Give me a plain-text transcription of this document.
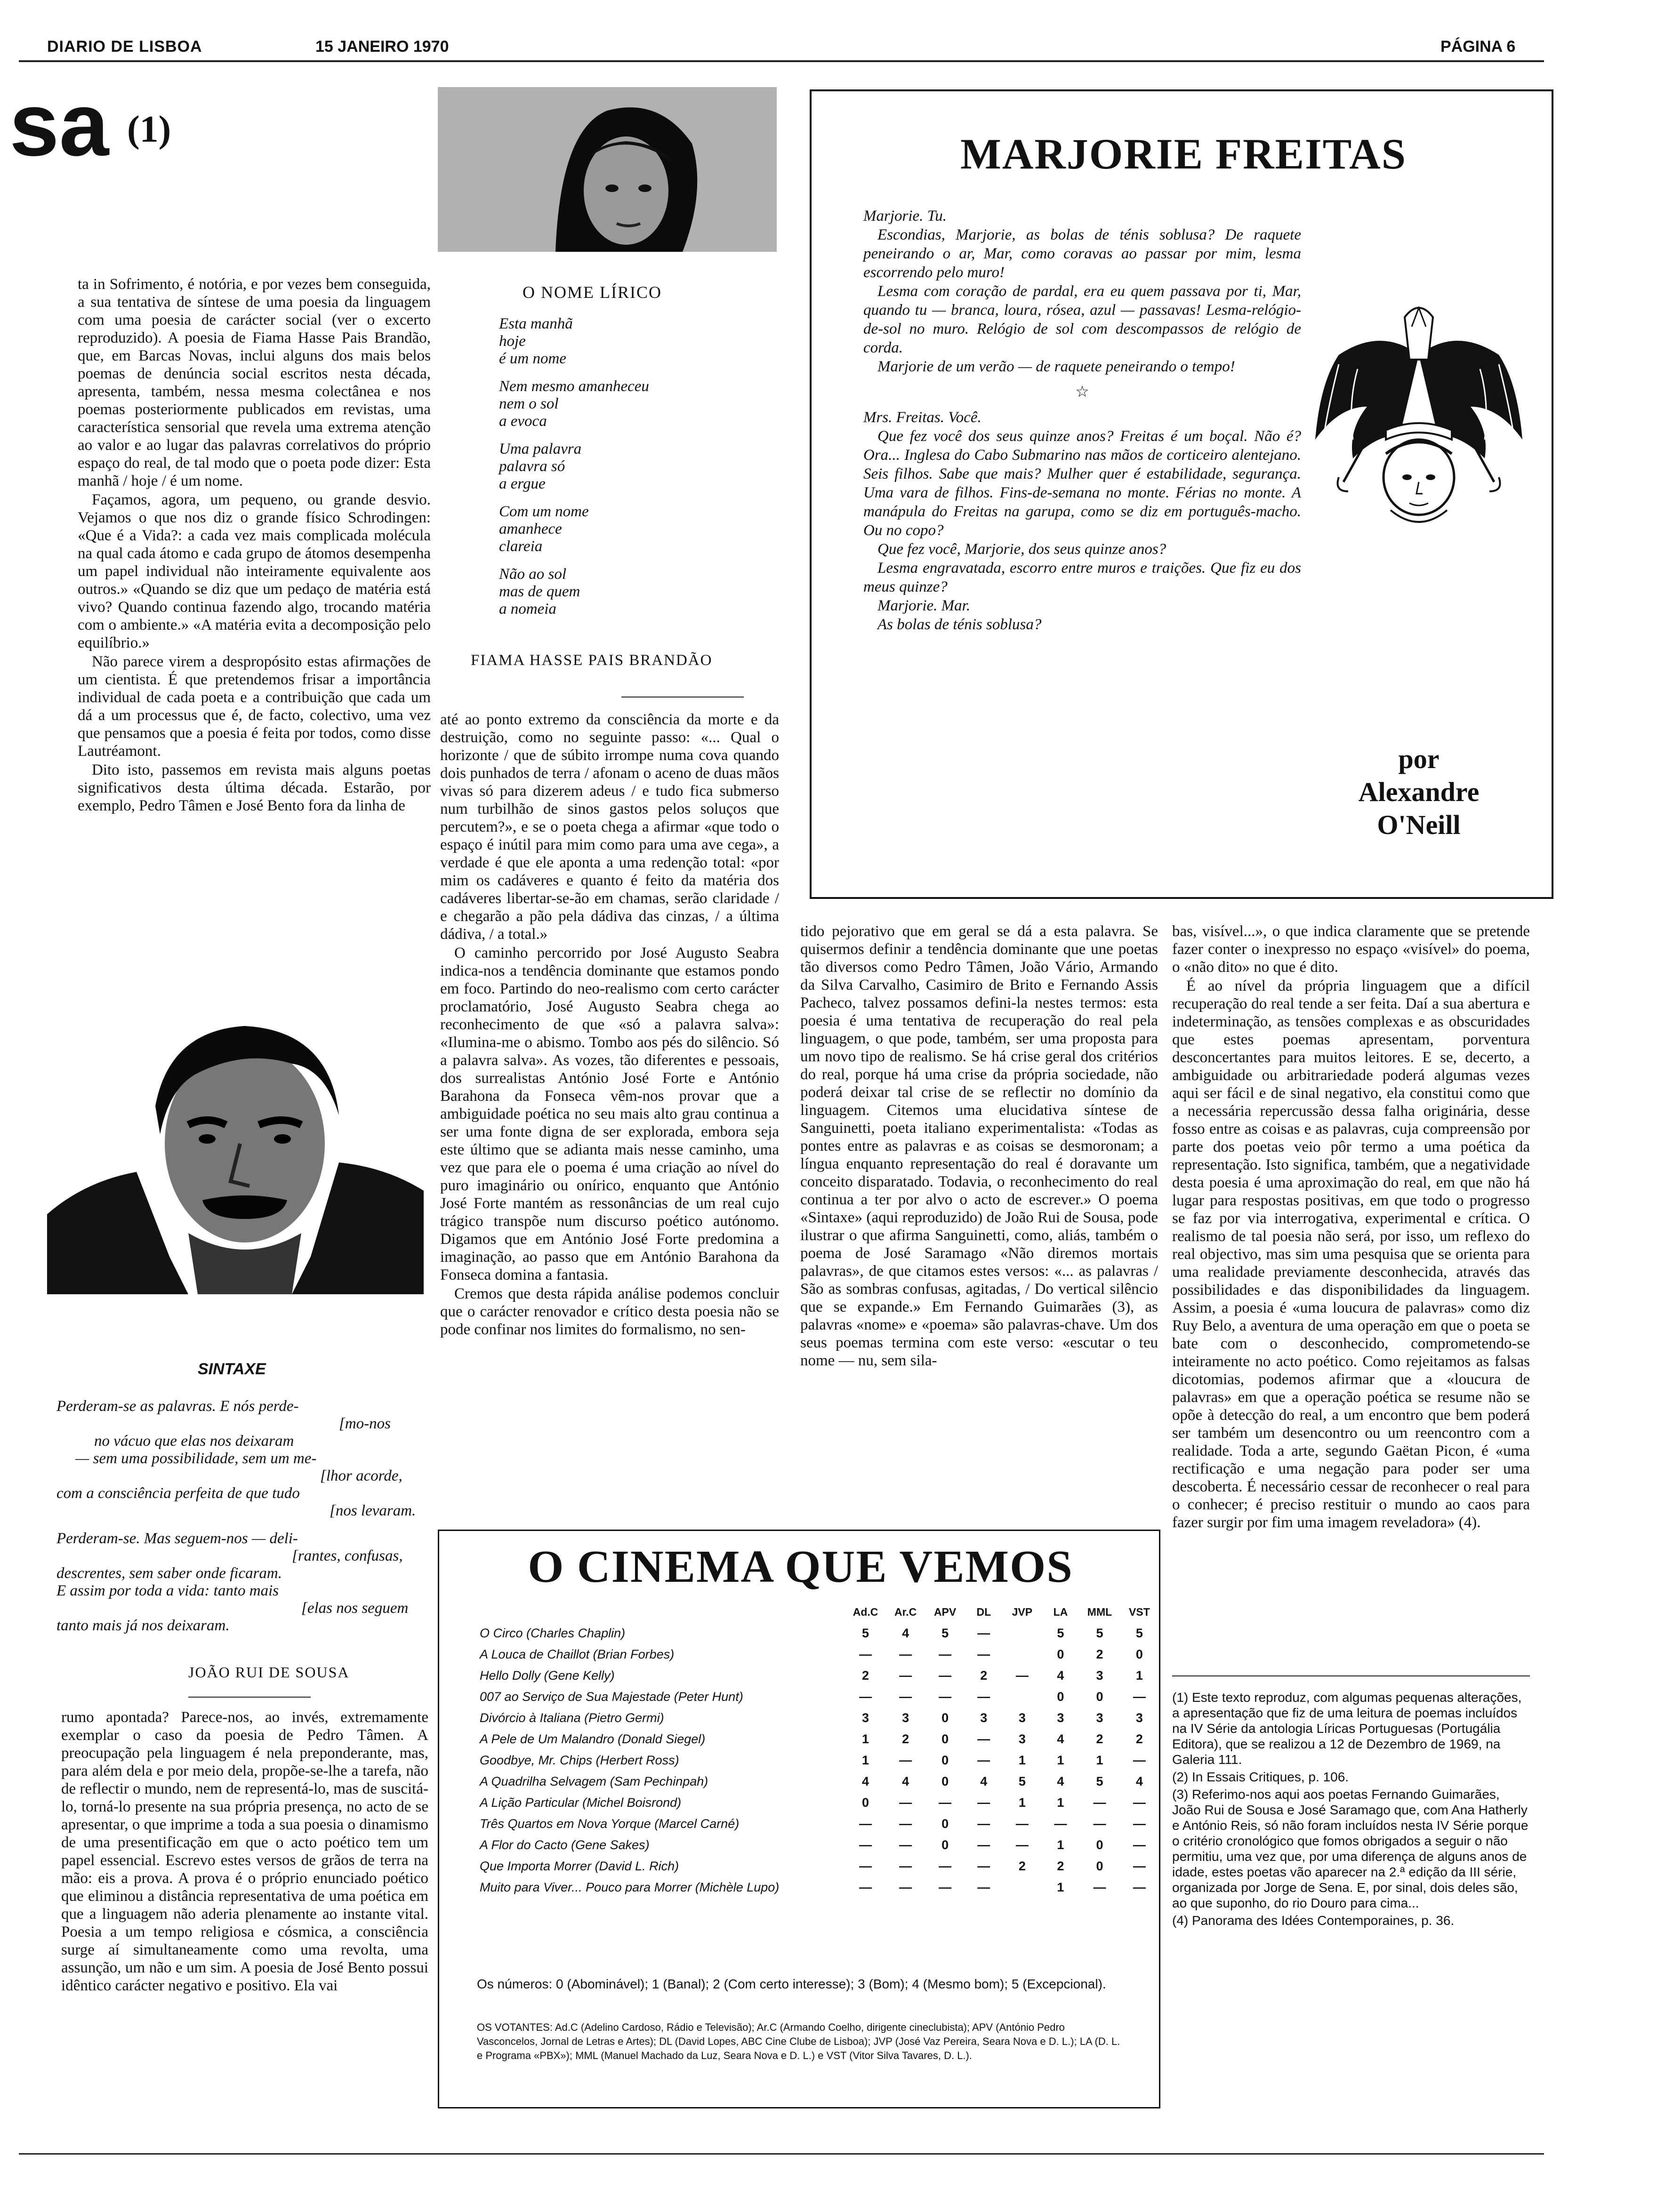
DIARIO DE LISBOA	15 JANEIRO 1970	PÁGINA 6
sa (1)

ta in Sofrimento, é notória, e por vezes bem conseguida, a sua tentativa de síntese de uma poesia da linguagem com uma poesia de carácter social (ver o excerto reproduzido). A poesia de Fiama Hasse Pais Brandão, que, em Barcas Novas, inclui alguns dos mais belos poemas de denúncia social escritos nesta década, apresenta, também, nessa mesma colectânea e nos poemas posteriormente publicados em revistas, uma característica sensorial que revela uma extrema atenção ao valor e ao lugar das palavras correlativos do próprio espaço do real, de tal modo que o poeta pode dizer: Esta manhã / hoje / é um nome.

Façamos, agora, um pequeno, ou grande desvio. Vejamos o que nos diz o grande físico Schrodingen: «Que é a Vida?: a cada vez mais complicada molécula na qual cada átomo e cada grupo de átomos desempenha um papel individual não inteiramente equivalente aos outros.» «Quando se diz que um pedaço de matéria está vivo? Quando continua fazendo algo, trocando matéria com o ambiente.» «A matéria evita a decomposição pelo equilíbrio.»

Não parece virem a despropósito estas afirmações de um cientista. É que pretendemos frisar a importância individual de cada poeta e a contribuição que cada um dá a um processus que é, de facto, colectivo, uma vez que pensamos que a poesia é feita por todos, como disse Lautréamont.

Dito isto, passemos em revista mais alguns poetas significativos desta última década. Estarão, por exemplo, Pedro Tâmen e José Bento fora da linha de

SINTAXE
Perderam-se as palavras. E nós perde-
[mo-nos
no vácuo que elas nos deixaram
— sem uma possibilidade, sem um me-
[lhor acorde,
com a consciência perfeita de que tudo
[nos levaram.
Perderam-se. Mas seguem-nos — deli-
[rantes, confusas,
descrentes, sem saber onde ficaram.
E assim por toda a vida: tanto mais
[elas nos seguem
tanto mais já nos deixaram.
JOÃO RUI DE SOUSA

rumo apontada? Parece-nos, ao invés, extremamente exemplar o caso da poesia de Pedro Tâmen. A preocupação pela linguagem é nela preponderante, mas, para além dela e por meio dela, propõe-se-lhe a tarefa, não de reflectir o mundo, nem de representá-lo, mas de suscitá-lo, torná-lo presente na sua própria presença, no acto de se apresentar, o que imprime a toda a sua poesia o dinamismo de uma presentificação em que o acto poético tem um papel essencial. Escrevo estes versos de grãos de terra na mão: eis a prova. A prova é o próprio enunciado poético que eliminou a distância representativa de uma poética em que a linguagem não aderia plenamente ao instante vital. Poesia a um tempo religiosa e cósmica, a consciência surge aí simultaneamente como uma revolta, uma assunção, um não e um sim. A poesia de José Bento possui idêntico carácter negativo e positivo. Ela vai

O NOME LÍRICO
Esta manhã
hoje
é um nome
Nem mesmo amanheceu
nem o sol
a evoca
Uma palavra
palavra só
a ergue
Com um nome
amanhece
clareia
Não ao sol
mas de quem
a nomeia
FIAMA HASSE PAIS BRANDÃO

até ao ponto extremo da consciência da morte e da destruição, como no seguinte passo: «... Qual o horizonte / que de súbito irrompe numa cova quando dois punhados de terra / afonam o aceno de duas mãos vivas só para dizerem adeus / e tudo fica submerso num turbilhão de sinos gastos pelos soluços que percutem?», e se o poeta chega a afirmar «que todo o espaço é inútil para mim como para uma ave cega», a verdade é que ele aponta a uma redenção total: «por mim os cadáveres e quanto é feito da matéria dos cadáveres libertar-se-ão em chamas, serão claridade / e chegarão a pão pela dádiva das cinzas, / a última dádiva, / a total.»

O caminho percorrido por José Augusto Seabra indica-nos a tendência dominante que estamos pondo em foco. Partindo do neo-realismo com certo carácter proclamatório, José Augusto Seabra chega ao reconhecimento de que «só a palavra salva»: «Ilumina-me o abismo. Tombo aos pés do silêncio. Só a palavra salva». As vozes, tão diferentes e pessoais, dos surrealistas António José Forte e António Barahona da Fonseca vêm-nos provar que a ambiguidade poética no seu mais alto grau continua a ser uma fonte digna de ser explorada, embora seja este último que se adianta mais nesse caminho, uma vez que para ele o poema é uma criação ao nível do puro imaginário ou onírico, enquanto que António José Forte mantém as ressonâncias de um real cujo trágico transpõe num discurso poético autónomo. Digamos que em António José Forte predomina a imaginação, ao passo que em António Barahona da Fonseca domina a fantasia.

Cremos que desta rápida análise podemos concluir que o carácter renovador e crítico desta poesia não se pode confinar nos limites do formalismo, no sen-

MARJORIE FREITAS
Marjorie. Tu.
Escondias, Marjorie, as bolas de ténis soblusa? De raquete peneirando o ar, Mar, como coravas ao passar por mim, lesma escorrendo pelo muro!
Lesma com coração de pardal, era eu quem passava por ti, Mar, quando tu — branca, loura, rósea, azul — passavas! Lesma-relógio-de-sol no muro. Relógio de sol com descompassos de relógio de corda.
Marjorie de um verão — de raquete peneirando o tempo!
☆
Mrs. Freitas. Você.
Que fez você dos seus quinze anos? Freitas é um boçal. Não é? Ora... Inglesa do Cabo Submarino nas mãos de corticeiro alentejano. Seis filhos. Sabe que mais? Mulher quer é estabilidade, segurança. Uma vara de filhos. Fins-de-semana no monte. Férias no monte. A manápula do Freitas na garupa, como se diz em português-macho. Ou no copo?
Que fez você, Marjorie, dos seus quinze anos?
Lesma engravatada, escorro entre muros e traições. Que fiz eu dos meus quinze?
Marjorie. Mar.
As bolas de ténis soblusa?
por
Alexandre
O'Neill

tido pejorativo que em geral se dá a esta palavra. Se quisermos definir a tendência dominante que une poetas tão diversos como Pedro Tâmen, João Vário, Armando da Silva Carvalho, Casimiro de Brito e Fernando Assis Pacheco, talvez possamos defini-la nestes termos: esta poesia é uma tentativa de recuperação do real pela linguagem, o que pode, também, ser uma proposta para um novo tipo de realismo. Se há crise geral dos critérios do real, porque há uma crise da própria sociedade, não poderá deixar tal crise de se reflectir no domínio da linguagem. Citemos uma elucidativa síntese de Sanguinetti, poeta italiano experimentalista: «Todas as pontes entre as palavras e as coisas se desmoronam; a língua enquanto representação do real é doravante um conceito disparatado. Todavia, o reconhecimento do real continua a ter por alvo o acto de escrever.» O poema «Sintaxe» (aqui reproduzido) de João Rui de Sousa, pode ilustrar o que afirma Sanguinetti, como, aliás, também o poema de José Saramago «Não diremos mortais palavras», de que citamos estes versos: «... as palavras / São as sombras confusas, agitadas, / Do vertical silêncio que se expande.» Em Fernando Guimarães (3), as palavras «nome» e «poema» são palavras-chave. Um dos seus poemas termina com este verso: «escutar o teu nome — nu, sem sila-

bas, visível...», o que indica claramente que se pretende fazer conter o inexpresso no espaço «visível» do poema, o «não dito» no que é dito.

É ao nível da própria linguagem que a difícil recuperação do real tende a ser feita. Daí a sua abertura e indeterminação, as tensões complexas e as obscuridades que estes poemas apresentam, porventura desconcertantes para muitos leitores. E se, decerto, a ambiguidade ou arbitrariedade poderá algumas vezes aqui ser fácil e de sinal negativo, ela constitui como que a necessária repercussão dessa falha originária, desse fosso entre as coisas e as palavras, cuja compreensão por parte dos poetas veio pôr termo a uma poética da representação. Isto significa, também, que a negatividade desta poesia é uma aproximação do real, em que não há lugar para respostas positivas, em que todo o progresso se faz por via interrogativa, experimental e crítica. O realismo de tal poesia não será, por isso, um reflexo do real objectivo, mas sim uma pesquisa que se orienta para uma realidade previamente desconhecida, através das possibilidades e das disponibilidades da linguagem. Assim, a poesia é «uma loucura de palavras» como diz Ruy Belo, a aventura de uma operação em que o poeta se bate com o desconhecido, comprometendo-se inteiramente no acto poético. Como rejeitamos as falsas dicotomias, podemos afirmar que a «loucura de palavras» em que a operação poética se resume não se opõe à detecção do real, a um encontro que bem poderá ser também um desencontro ou um reencontro com a realidade. Toda a arte, segundo Gaëtan Picon, é «uma rectificação e uma negação para poder ser uma descoberta. É necessário cessar de reconhecer o real para o conhecer; é preciso restituir o mundo ao caos para fazer surgir por fim uma imagem reveladora» (4).

(1) Este texto reproduz, com algumas pequenas alterações, a apresentação que fiz de uma leitura de poemas incluídos na IV Série da antologia Líricas Portuguesas (Portugália Editora), que se realizou a 12 de Dezembro de 1969, na Galeria 111.
(2) In Essais Critiques, p. 106.
(3) Referimo-nos aqui aos poetas Fernando Guimarães, João Rui de Sousa e José Saramago que, com Ana Hatherly e António Reis, só não foram incluídos nesta IV Série porque o critério cronológico que fomos obrigados a seguir o não permitiu, uma vez que, por uma diferença de alguns anos de idade, estes poetas vão aparecer na 2.ª edição da III série, organizada por Jorge de Sena. E, por sinal, dois deles são, ao que suponho, do rio Douro para cima...
(4) Panorama des Idées Contemporaines, p. 36.
O CINEMA QUE VEMOS
	Ad.C	Ar.C	APV	DL	JVP	LA	MML	VST
O Circo (Charles Chaplin)	5	4	5	—		5	5	5
A Louca de Chaillot (Brian Forbes)	—	—	—	—		0	2	0
Hello Dolly (Gene Kelly)	2	—	—	2	—	4	3	1
007 ao Serviço de Sua Majestade (Peter Hunt)	—	—	—	—		0	0	—
Divórcio à Italiana (Pietro Germi)	3	3	0	3	3	3	3	3
A Pele de Um Malandro (Donald Siegel)	1	2	0	—	3	4	2	2
Goodbye, Mr. Chips (Herbert Ross)	1	—	0	—	1	1	1	—
A Quadrilha Selvagem (Sam Pechinpah)	4	4	0	4	5	4	5	4
A Lição Particular (Michel Boisrond)	0	—	—	—	1	1	—	—
Três Quartos em Nova Yorque (Marcel Carné)	—	—	0	—	—	—	—	—
A Flor do Cacto (Gene Sakes)	—	—	0	—	—	1	0	—
Que Importa Morrer (David L. Rich)	—	—	—	—	2	2	0	—
Muito para Viver... Pouco para Morrer (Michèle Lupo)	—	—	—	—		1	—	—
Os números: 0 (Abominável); 1 (Banal); 2 (Com certo interesse); 3 (Bom); 4 (Mesmo bom); 5 (Excepcional).
OS VOTANTES: Ad.C (Adelino Cardoso, Rádio e Televisão); Ar.C (Armando Coelho, dirigente cineclubista); APV (António Pedro Vasconcelos, Jornal de Letras e Artes); DL (David Lopes, ABC Cine Clube de Lisboa); JVP (José Vaz Pereira, Seara Nova e D. L.); LA (D. L. e Programa «PBX»); MML (Manuel Machado da Luz, Seara Nova e D. L.) e VST (Vitor Silva Tavares, D. L.).
